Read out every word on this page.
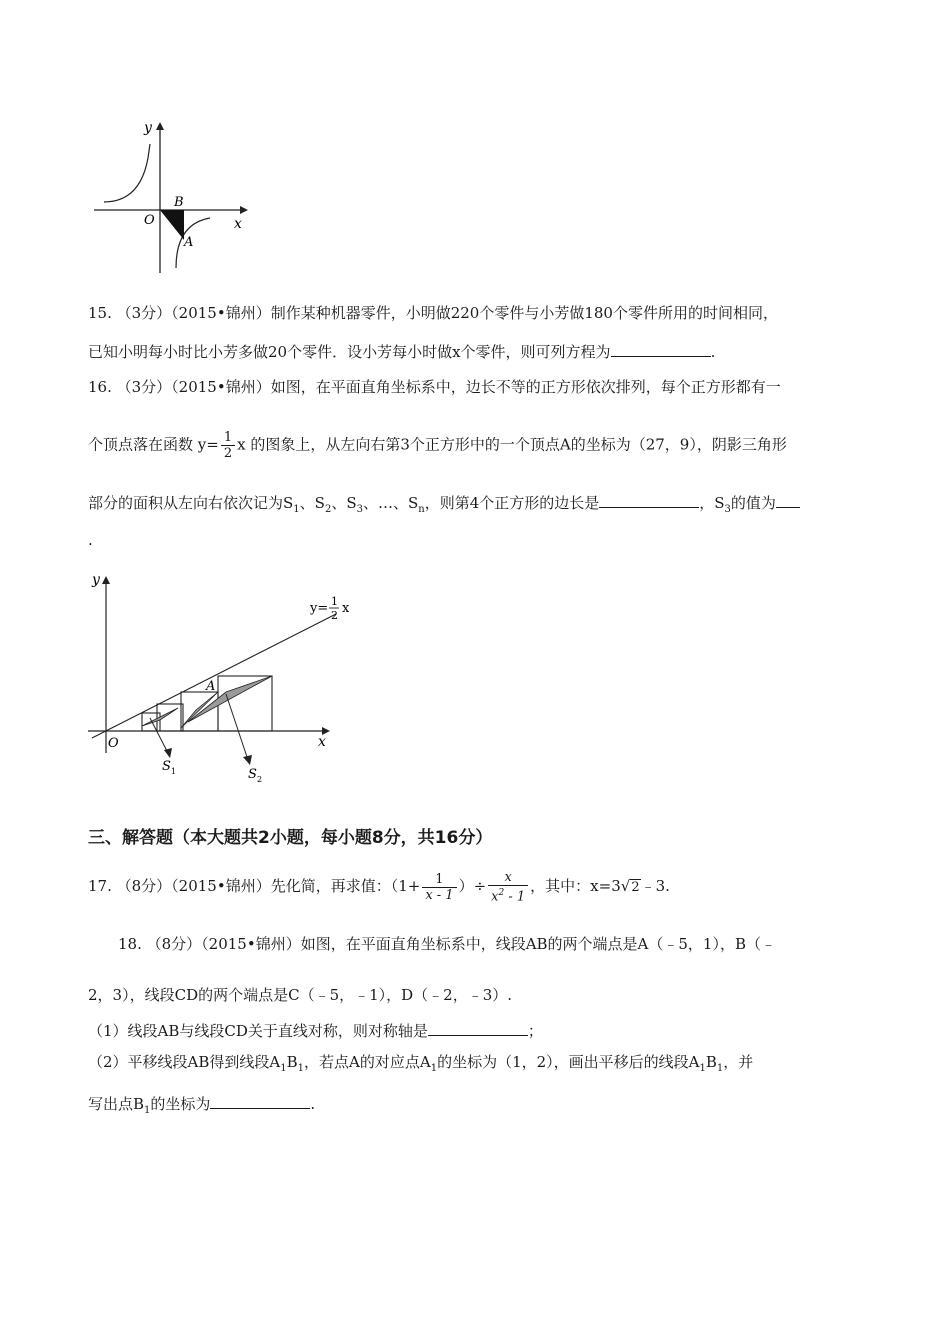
y
x
O
B
A
15. （3分）（2015•锦州）制作某种机器零件，小明做220个零件与小芳做180个零件所用的时间相同，
已知小明每小时比小芳多做20个零件．设小芳每小时做x个零件，则可列方程为	.
16. （3分）（2015•锦州）如图，在平面直角坐标系中，边长不等的正方形依次排列，每个正方形都有一
个顶点落在函数 $y= \frac{1}{2}$ x 的图象上，从左向右第3个正方形中的一个顶点A的坐标为（27，9），阴影三角形
部分的面积从左向右依次记为$S_1$、$S_2$、$S_3$、…、$S_n$，则第4个正方形的边长是	，$S_3$的值为
.
y
x
O
A
y= 1
2 x
S 1	S 2
三、解答题（本大题共2小题，每小题8分，共16分）
17. （8分）（2015•锦州）先化简，再求值：（$1+ \frac{1}{x - 1}$ ）÷ $\frac{x}{x^2 - 1}$ ，其中：x=3√2﹣3.
18. （8分）（2015•锦州）如图，在平面直角坐标系中，线段AB的两个端点是A（﹣5，1），B（﹣
2，3），线段CD的两个端点是C（﹣5，﹣1），D（﹣2，﹣3）.
（1）线段AB与线段CD关于直线对称，则对称轴是	；
（2）平移线段AB得到线段$A_1B_1$，若点A的对应点$A_1$的坐标为（1，2），画出平移后的线段$A_1B_1$，并
写出点$B_1$的坐标为	.
